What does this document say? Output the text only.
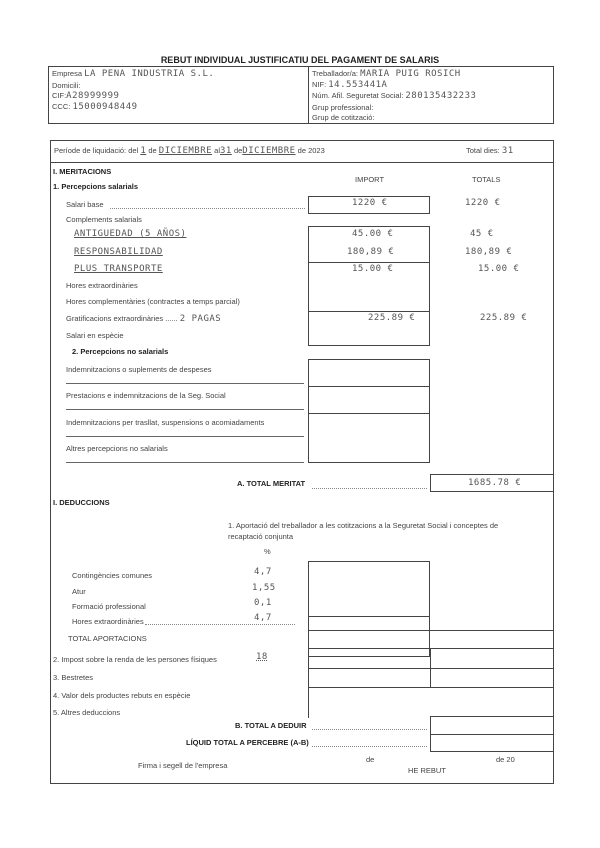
REBUT INDIVIDUAL JUSTIFICATIU DEL PAGAMENT DE SALARIS
Empresa LA PENA INDUSTRIA S.L.
Domicili:
CIF:A28999999
CCC: 15000948449
Treballador/a: MARIA PUIG ROSICH
NIF: 14.553441A
Núm. Afil. Seguretat Social: 280135432233
Grup professional:
Grup de cotització:
Període de liquidació: del 1 de DICIEMBRE al31 deDICIEMBRE de 2023	Total dies: 31
I. MERITACIONS
IMPORT	TOTALS
1. Percepcions salarials
Salari base	1220 €	1220 €
Complements salarials
ANTIGUEDAD (5 AÑOS)	45.00 €	45 €
RESPONSABILIDAD	180,89 €	180,89 €
PLUS TRANSPORTE	15.00 €	15.00 €
Hores extraordinàries
Hores complementàries (contractes a temps parcial)
Gratificacions extraordinàries ...... 2 PAGAS	225.89 €	225.89 €
Salari en espècie
2. Percepcions no salarials
Indemnitzacions o suplements de despeses
Prestacions e indemnitzacions de la Seg. Social
Indemnitzacions per trasllat, suspensions o acomiadaments
Altres percepcions no salarials
A. TOTAL MERITAT	1685.78 €
I. DEDUCCIONS
1. Aportació del treballador a les cotitzacions a la Seguretat Social i conceptes de recaptació conjunta
%
Contingències comunes	4,7
Atur	1,55
Formació professional	0,1
Hores extraordinàries	4,7
TOTAL APORTACIONS
2. Impost sobre la renda de les persones físiques	18
3. Bestretes
4. Valor dels productes rebuts en espècie
5. Altres deduccions
B. TOTAL A DEDUIR
LÍQUID TOTAL A PERCEBRE (A-B)
Firma i segell de l'empresa
de	de 20
HE REBUT
